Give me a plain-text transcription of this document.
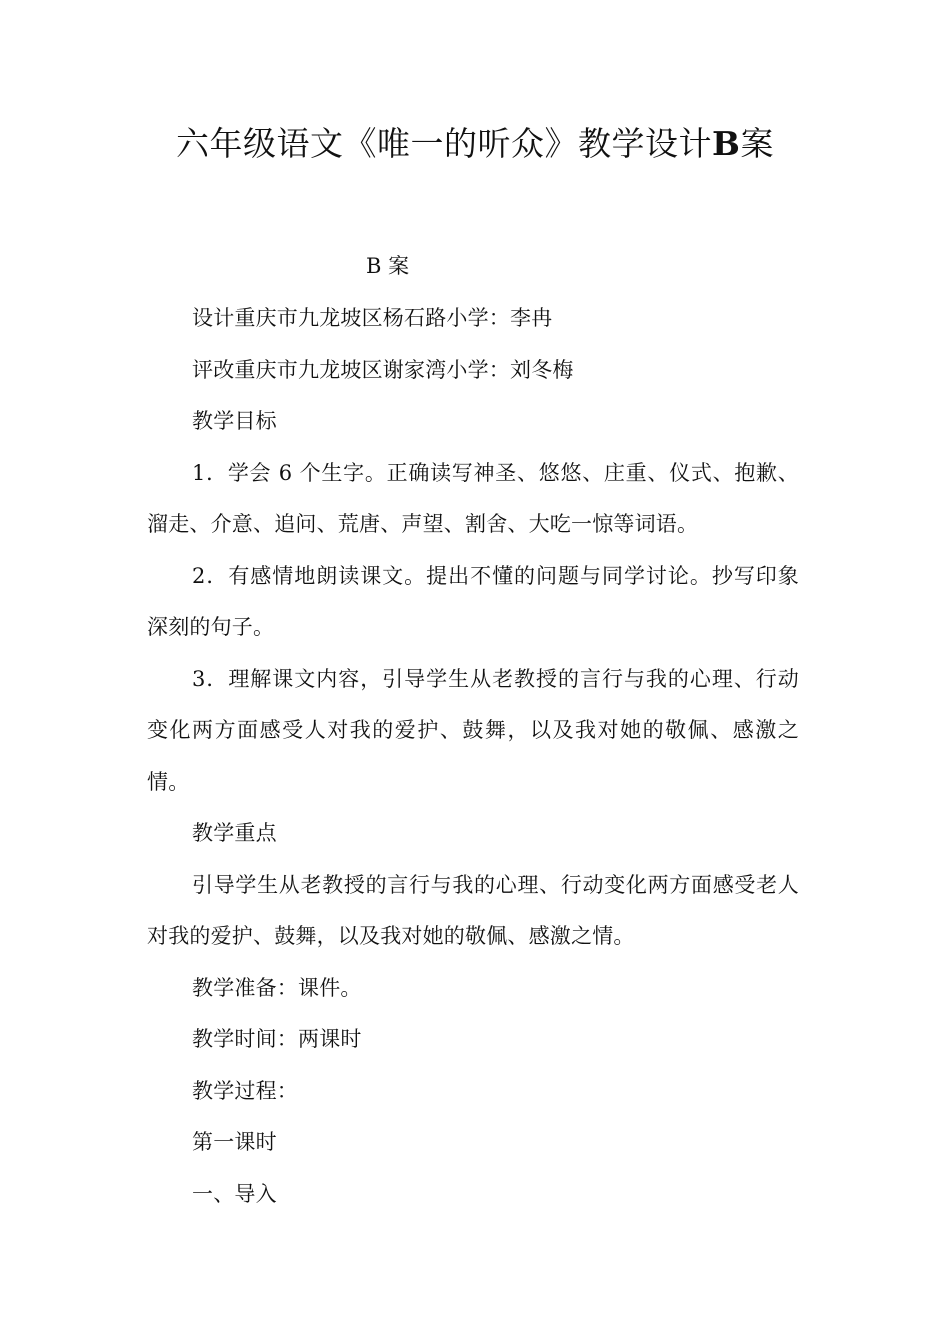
六年级语文《唯一的听众》教学设计B案
B 案

设计重庆市九龙坡区杨石路小学：李冉

评改重庆市九龙坡区谢家湾小学：刘冬梅

教学目标

1．学会 6 个生字。正确读写神圣、悠悠、庄重、仪式、抱歉、溜走、介意、追问、荒唐、声望、割舍、大吃一惊等词语。

2．有感情地朗读课文。提出不懂的问题与同学讨论。抄写印象深刻的句子。

3．理解课文内容，引导学生从老教授的言行与我的心理、行动变化两方面感受人对我的爱护、鼓舞，以及我对她的敬佩、感激之情。

教学重点

引导学生从老教授的言行与我的心理、行动变化两方面感受老人对我的爱护、鼓舞，以及我对她的敬佩、感激之情。

教学准备：课件。

教学时间：两课时

教学过程：

第一课时

一、导入
